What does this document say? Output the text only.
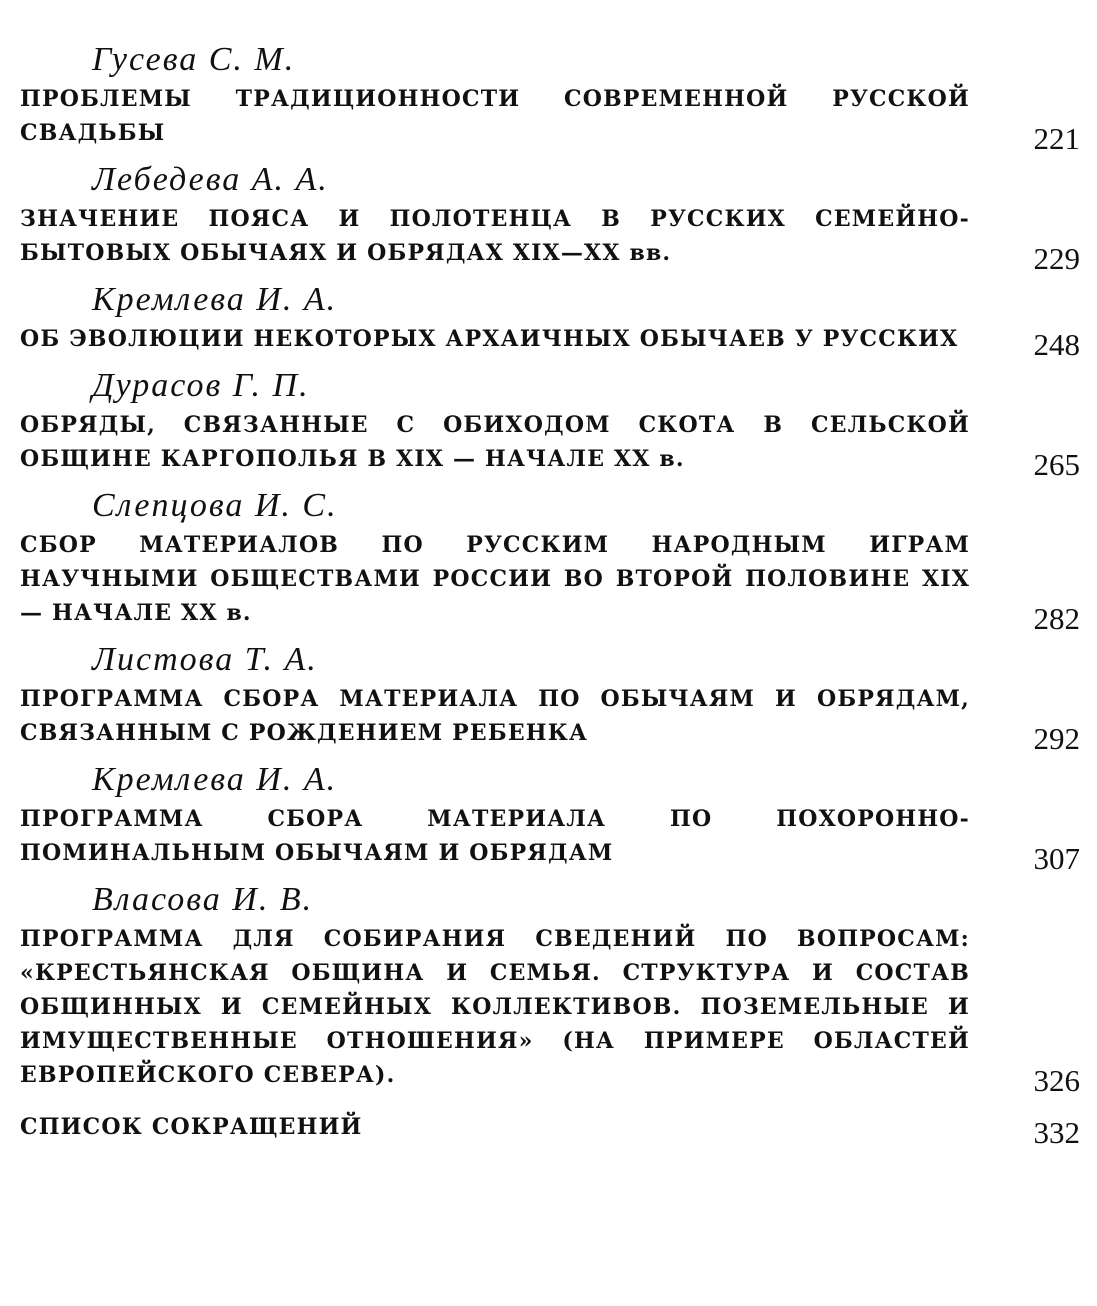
Гусева С. М.
ПРОБЛЕМЫ ТРАДИЦИОННОСТИ СОВРЕМЕННОЙ РУССКОЙ СВАДЬБЫ	221
Лебедева А. А.
ЗНАЧЕНИЕ ПОЯСА И ПОЛОТЕНЦА В РУССКИХ СЕМЕЙНО-БЫТОВЫХ ОБЫЧАЯХ И ОБРЯДАХ XIX—XX вв.	229
Кремлева И. А.
ОБ ЭВОЛЮЦИИ НЕКОТОРЫХ АРХАИЧНЫХ ОБЫЧАЕВ У РУССКИХ	248
Дурасов Г. П.
ОБРЯДЫ, СВЯЗАННЫЕ С ОБИХОДОМ СКОТА В СЕЛЬСКОЙ ОБЩИНЕ КАРГОПОЛЬЯ В XIX — НАЧАЛЕ XX в.	265
Слепцова И. С.
СБОР МАТЕРИАЛОВ ПО РУССКИМ НАРОДНЫМ ИГРАМ НАУЧНЫМИ ОБЩЕСТВАМИ РОССИИ ВО ВТОРОЙ ПОЛОВИНЕ XIX — НАЧАЛЕ XX в.	282
Листова Т. А.
ПРОГРАММА СБОРА МАТЕРИАЛА ПО ОБЫЧАЯМ И ОБРЯДАМ, СВЯЗАННЫМ С РОЖДЕНИЕМ РЕБЕНКА	292
Кремлева И. А.
ПРОГРАММА СБОРА МАТЕРИАЛА ПО ПОХОРОННО-ПОМИНАЛЬНЫМ ОБЫЧАЯМ И ОБРЯДАМ	307
Власова И. В.
ПРОГРАММА ДЛЯ СОБИРАНИЯ СВЕДЕНИЙ ПО ВОПРОСАМ: «КРЕСТЬЯНСКАЯ ОБЩИНА И СЕМЬЯ. СТРУКТУРА И СОСТАВ ОБЩИННЫХ И СЕМЕЙНЫХ КОЛЛЕКТИВОВ. ПОЗЕМЕЛЬНЫЕ И ИМУЩЕСТВЕННЫЕ ОТНОШЕНИЯ» (НА ПРИМЕРЕ ОБЛАСТЕЙ ЕВРОПЕЙСКОГО СЕВЕРА).	326
СПИСОК СОКРАЩЕНИЙ	332
